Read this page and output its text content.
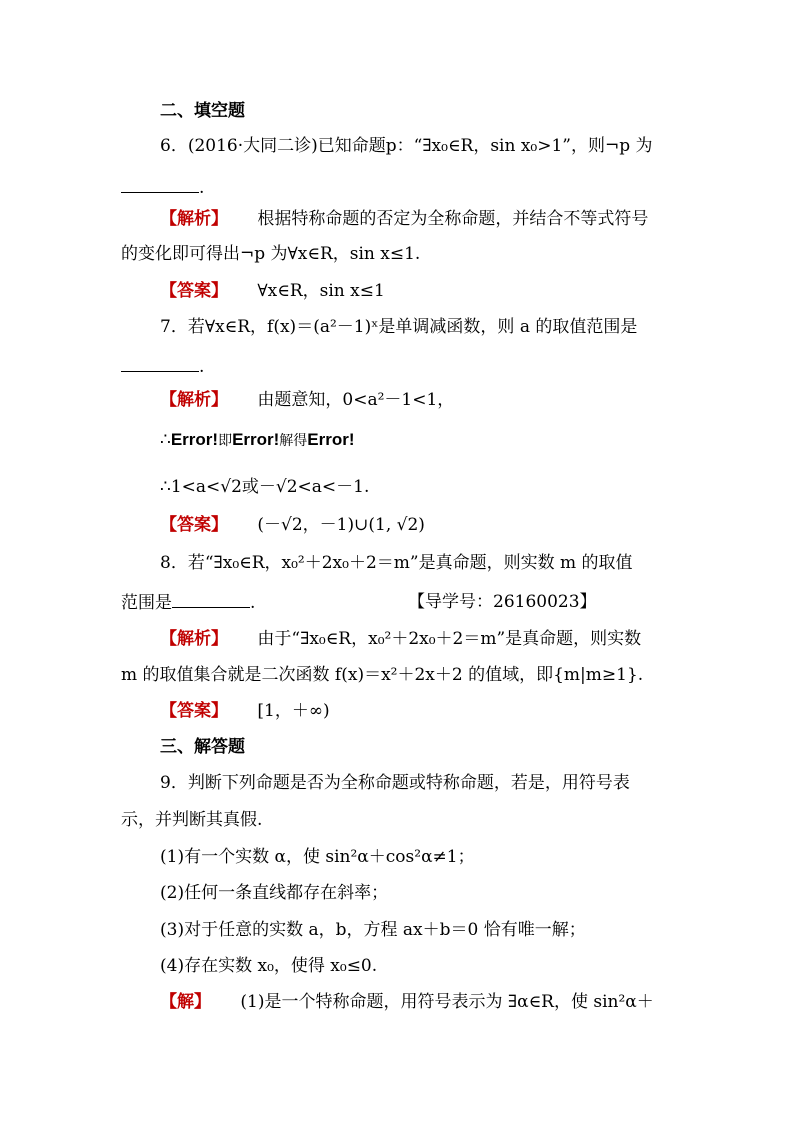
二、填空题
6．(2016·大同二诊)已知命题p：“∃x₀∈R，sin x₀>1”，则¬p 为
.
【解析】 根据特称命题的否定为全称命题，并结合不等式符号
的变化即可得出¬p 为∀x∈R，sin x≤1.
【答案】 ∀x∈R，sin x≤1
7．若∀x∈R，f(x)＝(a²－1)ˣ是单调减函数，则 a 的取值范围是
.
【解析】 由题意知，0<a²－1<1，
∴Error!即Error!解得Error!
∴1<a<√2或－√2<a<－1.
【答案】 (－√2，－1)∪(1, √2)
8．若“∃x₀∈R，x₀²＋2x₀＋2＝m”是真命题，则实数 m 的取值
范围是	.	【导学号：26160023】
【解析】 由于“∃x₀∈R，x₀²＋2x₀＋2＝m”是真命题，则实数
m 的取值集合就是二次函数 f(x)＝x²＋2x＋2 的值域，即{m|m≥1}.
【答案】 [1，＋∞)
三、解答题
9．判断下列命题是否为全称命题或特称命题，若是，用符号表
示，并判断其真假.
(1)有一个实数 α，使 sin²α＋cos²α≠1；
(2)任何一条直线都存在斜率；
(3)对于任意的实数 a，b，方程 ax＋b＝0 恰有唯一解；
(4)存在实数 x₀，使得 x₀≤0.
【解】 (1)是一个特称命题，用符号表示为 ∃α∈R，使 sin²α＋
